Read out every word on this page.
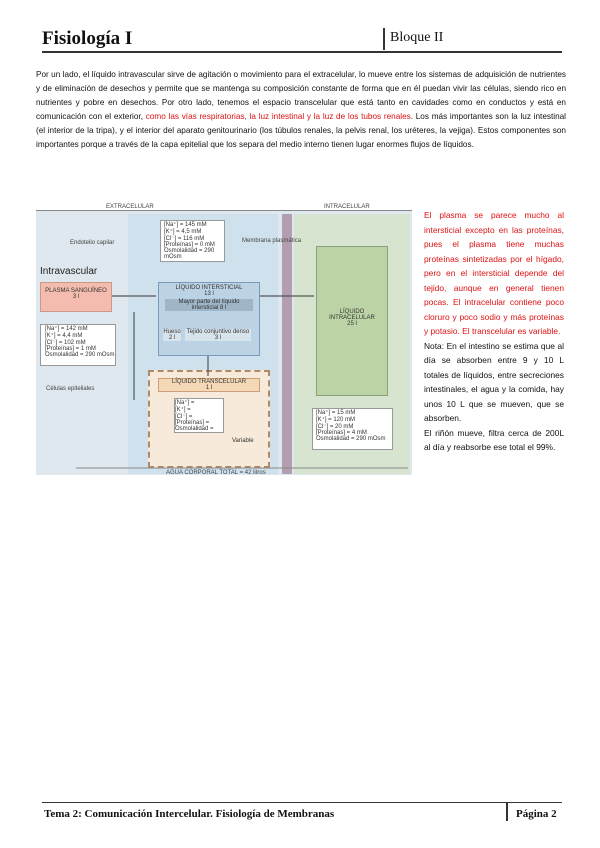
Fisiología I	Bloque II

Por un lado, el líquido intravascular sirve de agitación o movimiento para el extracelular, lo mueve entre los sistemas de adquisición de nutrientes y de eliminación de desechos y permite que se mantenga su composición constante de forma que en él puedan vivir las células, siendo rico en nutrientes y pobre en desechos. Por otro lado, tenemos el espacio transcelular que está tanto en cavidades como en conductos y está en comunicación con el exterior, como las vías respiratorias, la luz intestinal y la luz de los tubos renales. Los más importantes son la luz intestinal (el interior de la tripa), y el interior del aparato genitourinario (los túbulos renales, la pelvis renal, los uréteres, la vejiga). Estos componentes son importantes porque a través de la capa epitelial que los separa del medio interno tienen lugar enormes flujos de líquidos.

EXTRACELULAR	INTRACELULAR
Endotelio capilar	Membrana plasmática
Intravascular
PLASMA SANGUÍNEO
3 l
[Na⁺] = 142 mM
[K⁺] = 4,4 mM
[Cl⁻] = 102 mM
[Proteínas] = 1 mM
Osmolalidad = 290 mOsm
[Na⁺] = 145 mM
[K⁺] = 4,5 mM
[Cl⁻] = 116 mM
[Proteínas] = 0 mM
Osmolalidad = 290 mOsm
LÍQUIDO INTERSTICIAL
13 l
Mayor parte del líquido intersticial 8 l
Hueso
2 l
Tejido conjuntivo denso
3 l
Células epiteliales
LÍQUIDO TRANSCELULAR
1 l
[Na⁺] =
[K⁺] =
[Cl⁻] =
[Proteínas] =
Osmolalidad =
Variable
LÍQUIDO INTRACELULAR
25 l
[Na⁺] = 15 mM
[K⁺] = 120 mM
[Cl⁻] = 20 mM
[Proteínas] = 4 mM
Osmolalidad = 290 mOsm
AGUA CORPORAL TOTAL = 42 litros
El plasma se parece mucho al intersticial excepto en las proteínas, pues el plasma tiene muchas proteínas sintetizadas por el hígado, pero en el intersticial depende del tejido, aunque en general tienen pocas. El intracelular contiene poco cloruro y poco sodio y más proteínas y potasio. El transcelular es variable.
Nota: En el intestino se estima que al día se absorben entre 9 y 10 L totales de líquidos, entre secreciones intestinales, el agua y la comida, hay unos 10 L que se mueven, que se absorben.
El riñón mueve, filtra cerca de 200L al día y reabsorbe ese total el 99%.
Tema 2: Comunicación Intercelular. Fisiología de Membranas	Página 2
